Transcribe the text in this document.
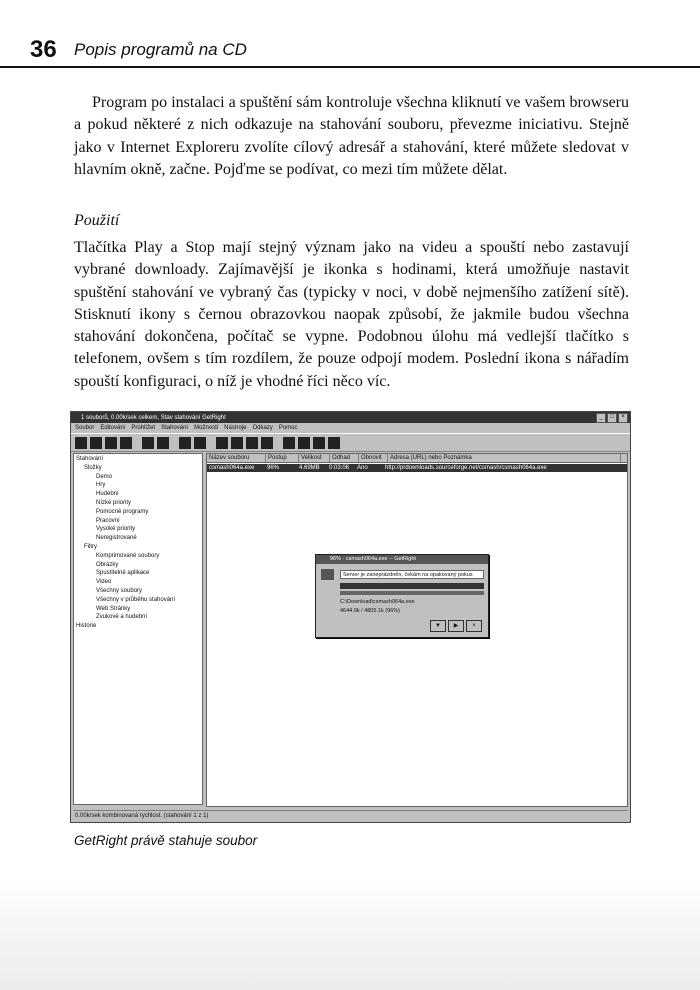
36 Popis programů na CD
Program po instalaci a spuštění sám kontroluje všechna kliknutí ve vašem browseru a pokud některé z nich odkazuje na stahování souboru, převezme iniciativu. Stejně jako v Internet Exploreru zvolíte cílový adresář a stahování, které můžete sledovat v hlavním okně, začne. Pojďme se podívat, co mezi tím můžete dělat.
Použití
Tlačítka Play a Stop mají stejný význam jako na videu a spouští nebo zastavují vybrané downloady. Zajímavější je ikonka s hodinami, která umožňuje nastavit spuštění stahování ve vybraný čas (typicky v noci, v době nejmenšího zatížení sítě). Stisknutí ikony s černou obrazovkou naopak způsobí, že jakmile budou všechna stahování dokončena, počítač se vypne. Podobnou úlohu má vedlejší tlačítko s telefonem, ovšem s tím rozdílem, že pouze odpojí modem. Poslední ikona s nářadím spouští konfiguraci, o níž je vhodné říci něco víc.
1 souborů, 0.00k/sek celkem, Stav stahování GetRight	_	□	×
Soubor Editování Prohlížet Stahování Možnosti Nástroje Odkazy Pomoc
Stahování
Složky
Demo
Hry
Hudební
Nízké priority
Pomocné programy
Pracovní
Vysoké priority
Neregistrované
Filtry
Komprimované soubory
Obrázky
Spustitelné aplikace
Video
Všechny soubory
Všechny v průběhu stahování
Web Stránky
Zvukové a hudební
Historie
Název souboru	Postup	Velikost	Odhad	Obnovit	Adresa (URL) nebo Poznámka
csmash064a.exe	96%	4.69MB	0:03:06	Ano	http://prdownloads.sourceforge.net/csmash/csmash064a.exe
96% - csmash064a.exe -- GetRight
Server je zaneprázdněn, čekám na opakovaný pokus
C:\Download\csmash064a.exe
4644.9k / 4805.1k (96%)
▼	▶	×
0.00k/sek kombinovaná rychlost. (stahování 1 z 1)
GetRight právě stahuje soubor
